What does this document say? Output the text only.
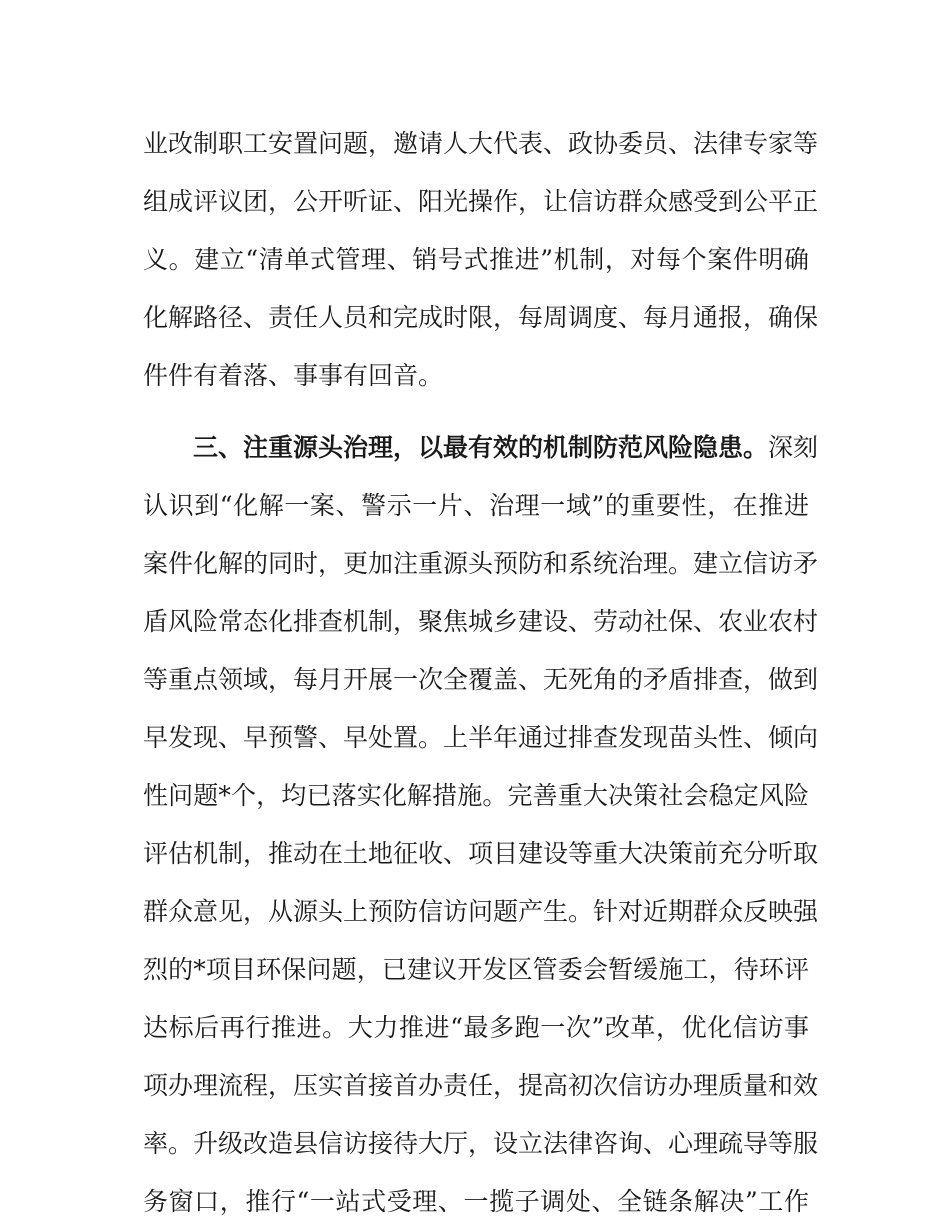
业改制职工安置问题，邀请人大代表、政协委员、法律专家等
组成评议团，公开听证、阳光操作，让信访群众感受到公平正
义。建立“清单式管理、销号式推进”机制，对每个案件明确
化解路径、责任人员和完成时限，每周调度、每月通报，确保
件件有着落、事事有回音。
三、注重源头治理，以最有效的机制防范风险隐患。深刻
认识到“化解一案、警示一片、治理一域”的重要性，在推进
案件化解的同时，更加注重源头预防和系统治理。建立信访矛
盾风险常态化排查机制，聚焦城乡建设、劳动社保、农业农村
等重点领域，每月开展一次全覆盖、无死角的矛盾排查，做到
早发现、早预警、早处置。上半年通过排查发现苗头性、倾向
性问题*个，均已落实化解措施。完善重大决策社会稳定风险
评估机制，推动在土地征收、项目建设等重大决策前充分听取
群众意见，从源头上预防信访问题产生。针对近期群众反映强
烈的*项目环保问题，已建议开发区管委会暂缓施工，待环评
达标后再行推进。大力推进“最多跑一次”改革，优化信访事
项办理流程，压实首接首办责任，提高初次信访办理质量和效
率。升级改造县信访接待大厅，设立法律咨询、心理疏导等服
务窗口，推行“一站式受理、一揽子调处、全链条解决”工作
